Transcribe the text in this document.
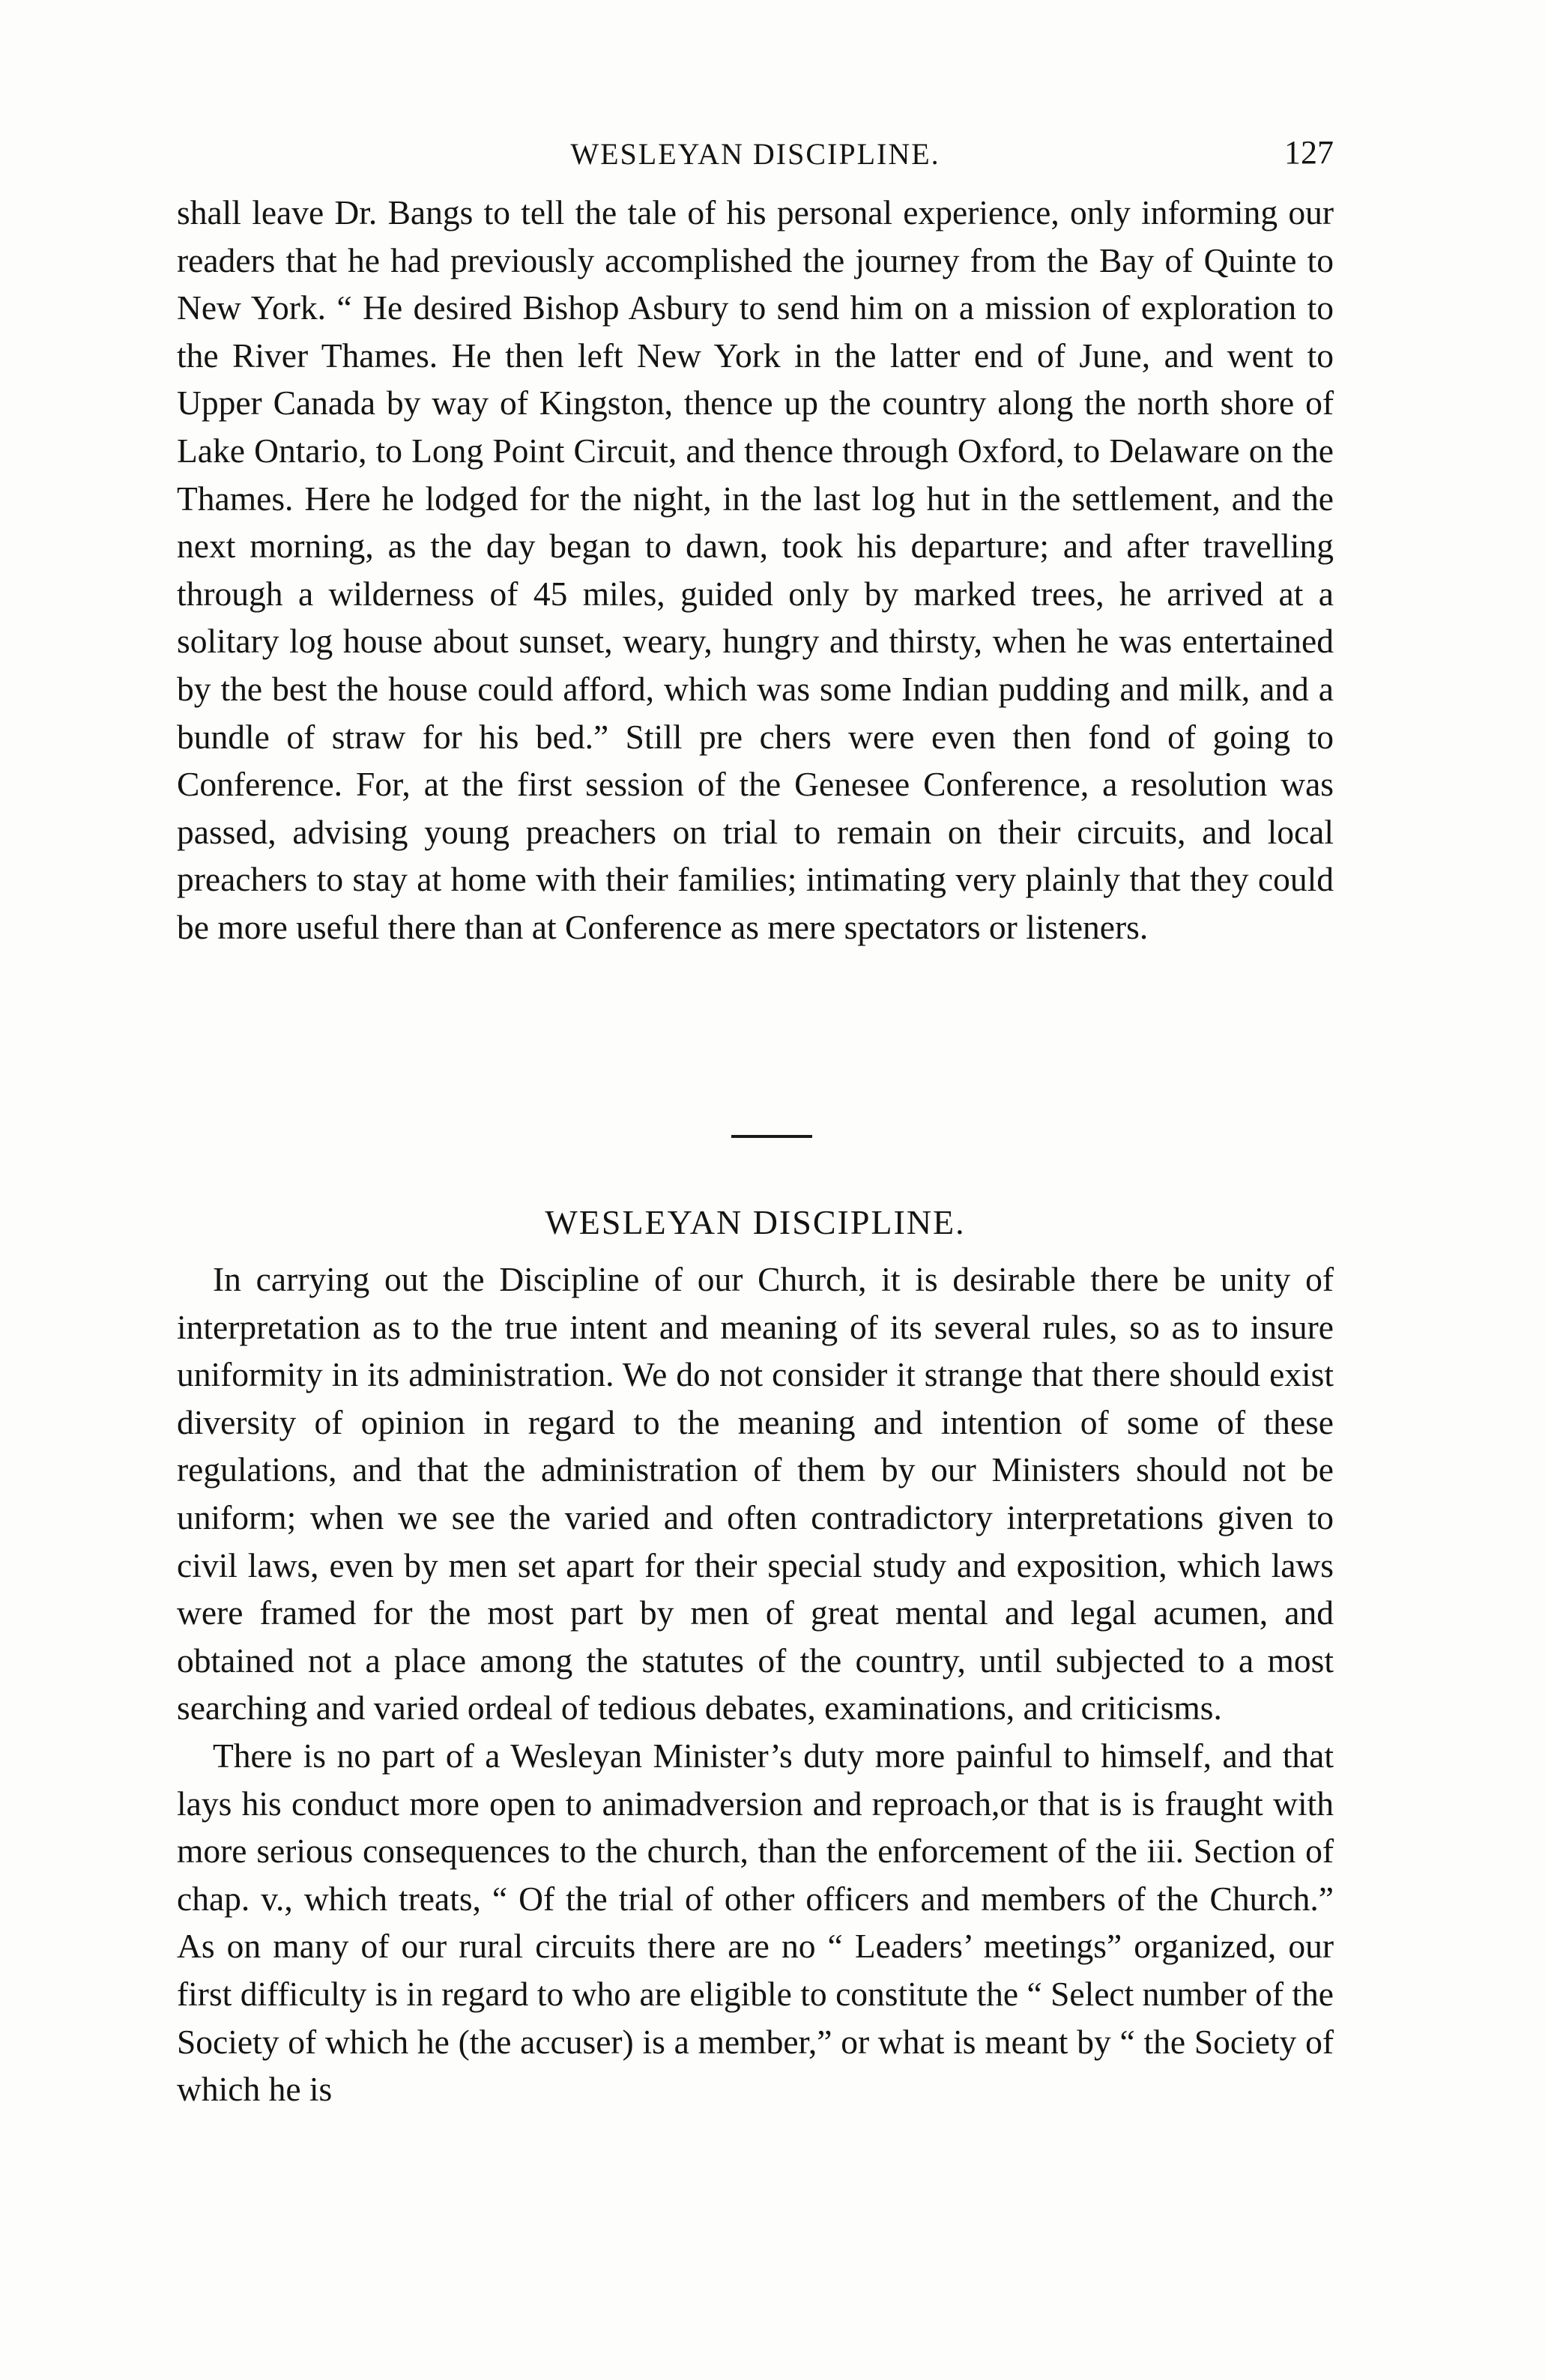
WESLEYAN DISCIPLINE.	127

shall leave Dr. Bangs to tell the tale of his personal experience, only informing our readers that he had previously accomplished the journey from the Bay of Quinte to New York. “ He desired Bishop Asbury to send him on a mission of exploration to the River Thames. He then left New York in the latter end of June, and went to Upper Canada by way of Kingston, thence up the country along the north shore of Lake Ontario, to Long Point Circuit, and thence through Oxford, to Delaware on the Thames. Here he lodged for the night, in the last log hut in the settlement, and the next morning, as the day began to dawn, took his departure; and after travelling through a wilderness of 45 miles, guided only by marked trees, he arrived at a solitary log house about sunset, weary, hungry and thirsty, when he was entertained by the best the house could afford, which was some Indian pudding and milk, and a bundle of straw for his bed.” Still pre chers were even then fond of going to Conference. For, at the first session of the Genesee Conference, a resolution was passed, advising young preachers on trial to remain on their circuits, and local preachers to stay at home with their families; intimating very plainly that they could be more useful there than at Conference as mere spectators or listeners.

WESLEYAN DISCIPLINE.

In carrying out the Discipline of our Church, it is desirable there be unity of interpretation as to the true intent and meaning of its several rules, so as to insure uniformity in its administration. We do not consider it strange that there should exist diversity of opinion in regard to the meaning and intention of some of these regulations, and that the administration of them by our Ministers should not be uniform; when we see the varied and often contradictory interpretations given to civil laws, even by men set apart for their special study and exposition, which laws were framed for the most part by men of great mental and legal acumen, and obtained not a place among the statutes of the country, until subjected to a most searching and varied ordeal of tedious debates, examinations, and criticisms.

There is no part of a Wesleyan Minister’s duty more painful to himself, and that lays his conduct more open to animadversion and reproach,or that is is fraught with more serious consequences to the church, than the enforcement of the iii. Section of chap. v., which treats, “ Of the trial of other officers and members of the Church.” As on many of our rural circuits there are no “ Leaders’ meetings” organized, our first difficulty is in regard to who are eligible to constitute the “ Select number of the Society of which he (the accuser) is a member,” or what is meant by “ the Society of which he is
